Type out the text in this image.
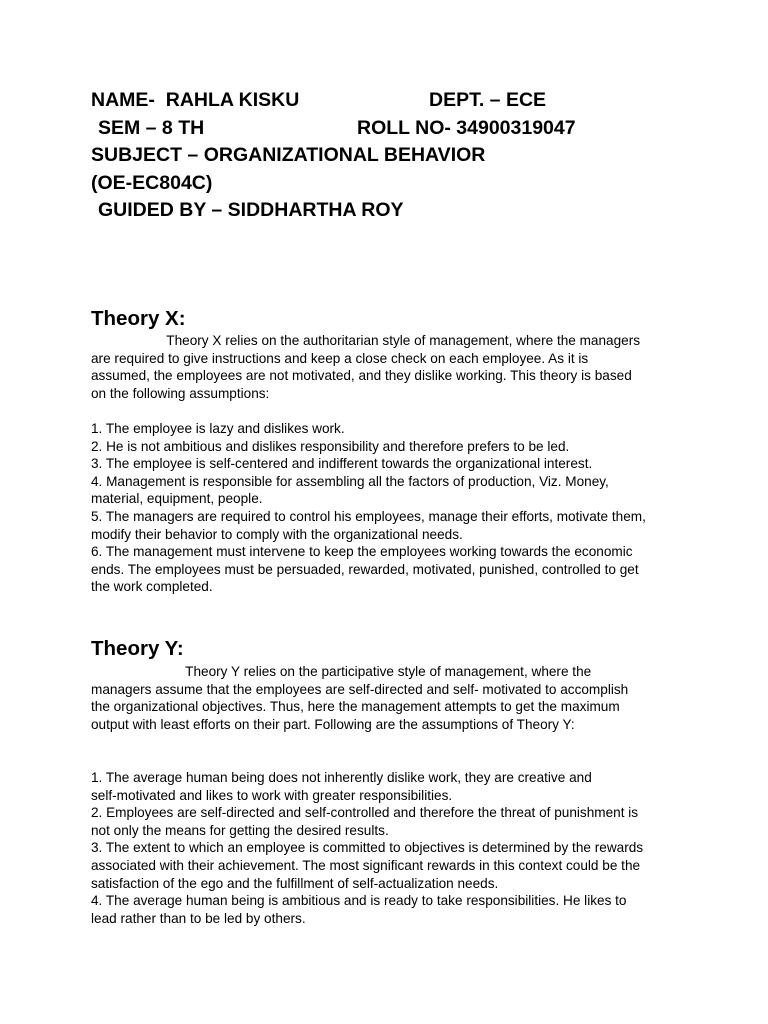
NAME-  RAHLA KISKU	DEPT. – ECE
SEM – 8 TH	ROLL NO- 34900319047
SUBJECT – ORGANIZATIONAL BEHAVIOR
(OE-EC804C)
GUIDED BY – SIDDHARTHA ROY
Theory X:
Theory X relies on the authoritarian style of management, where the managers
are required to give instructions and keep a close check on each employee. As it is
assumed, the employees are not motivated, and they dislike working. This theory is based
on the following assumptions:
1. The employee is lazy and dislikes work.
2. He is not ambitious and dislikes responsibility and therefore prefers to be led.
3. The employee is self-centered and indifferent towards the organizational interest.
4. Management is responsible for assembling all the factors of production, Viz. Money,
material, equipment, people.
5. The managers are required to control his employees, manage their efforts, motivate them,
modify their behavior to comply with the organizational needs.
6. The management must intervene to keep the employees working towards the economic
ends. The employees must be persuaded, rewarded, motivated, punished, controlled to get
the work completed.
Theory Y:
Theory Y relies on the participative style of management, where the
managers assume that the employees are self-directed and self- motivated to accomplish
the organizational objectives. Thus, here the management attempts to get the maximum
output with least efforts on their part. Following are the assumptions of Theory Y:
1. The average human being does not inherently dislike work, they are creative and
self-motivated and likes to work with greater responsibilities.
2. Employees are self-directed and self-controlled and therefore the threat of punishment is
not only the means for getting the desired results.
3. The extent to which an employee is committed to objectives is determined by the rewards
associated with their achievement. The most significant rewards in this context could be the
satisfaction of the ego and the fulfillment of self-actualization needs.
4. The average human being is ambitious and is ready to take responsibilities. He likes to
lead rather than to be led by others.
